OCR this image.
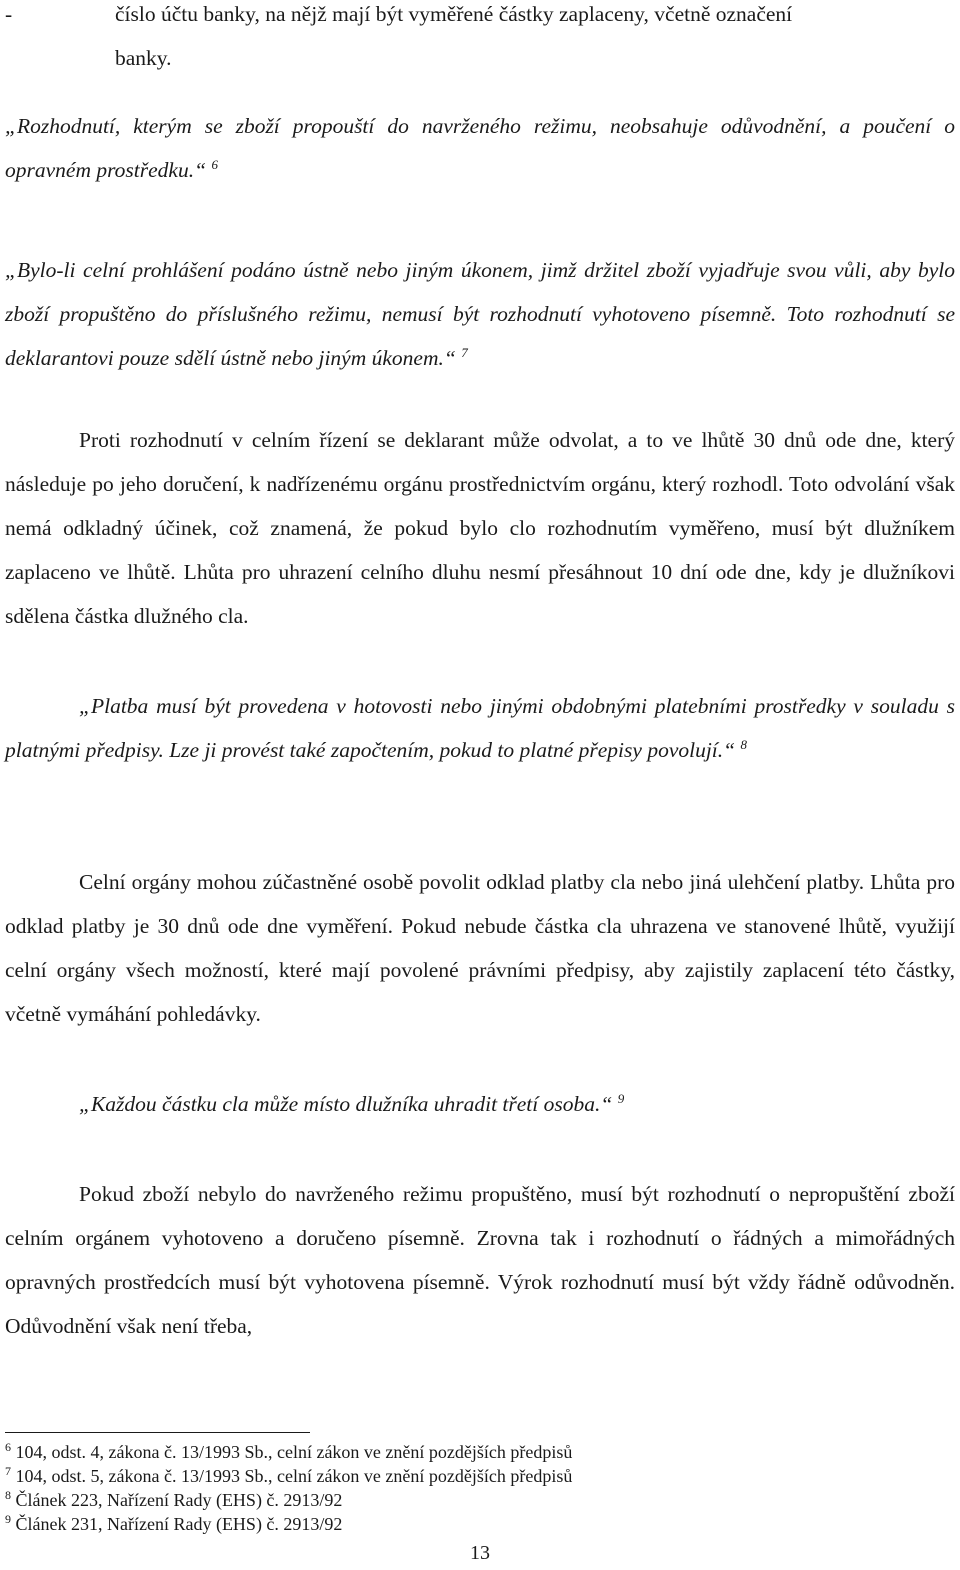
-	číslo účtu banky, na nějž mají být vyměřené částky zaplaceny, včetně označení
banky.

„Rozhodnutí, kterým se zboží propouští do navrženého režimu, neobsahuje odůvodnění, a poučení o opravném prostředku.“ $^6$

„Bylo-li celní prohlášení podáno ústně nebo jiným úkonem, jimž držitel zboží vyjadřuje svou vůli, aby bylo zboží propuštěno do příslušného režimu, nemusí být rozhodnutí vyhotoveno písemně. Toto rozhodnutí se deklarantovi pouze sdělí ústně nebo jiným úkonem.“ $^7$

Proti rozhodnutí v celním řízení se deklarant může odvolat, a to ve lhůtě 30 dnů ode dne, který následuje po jeho doručení, k nadřízenému orgánu prostřednictvím orgánu, který rozhodl. Toto odvolání však nemá odkladný účinek, což znamená, že pokud bylo clo rozhodnutím vyměřeno, musí být dlužníkem zaplaceno ve lhůtě. Lhůta pro uhrazení celního dluhu nesmí přesáhnout 10 dní ode dne, kdy je dlužníkovi sdělena částka dlužného cla.

„Platba musí být provedena v hotovosti nebo jinými obdobnými platebními prostředky v souladu s platnými předpisy. Lze ji provést také započtením, pokud to platné přepisy povolují.“ $^8$

Celní orgány mohou zúčastněné osobě povolit odklad platby cla nebo jiná ulehčení platby. Lhůta pro odklad platby je 30 dnů ode dne vyměření. Pokud nebude částka cla uhrazena ve stanovené lhůtě, využijí celní orgány všech možností, které mají povolené právními předpisy, aby zajistily zaplacení této částky, včetně vymáhání pohledávky.

„Každou částku cla může místo dlužníka uhradit třetí osoba.“ $^9$

Pokud zboží nebylo do navrženého režimu propuštěno, musí být rozhodnutí o nepropuštění zboží celním orgánem vyhotoveno a doručeno písemně. Zrovna tak i rozhodnutí o řádných a mimořádných opravných prostředcích musí být vyhotovena písemně. Výrok rozhodnutí musí být vždy řádně odůvodněn. Odůvodnění však není třeba,

$^6$ 104, odst. 4, zákona č. 13/1993 Sb., celní zákon ve znění pozdějších předpisů
$^7$ 104, odst. 5, zákona č. 13/1993 Sb., celní zákon ve znění pozdějších předpisů
$^8$ Článek 223, Nařízení Rady (EHS) č. 2913/92
$^9$ Článek 231, Nařízení Rady (EHS) č. 2913/92
13
